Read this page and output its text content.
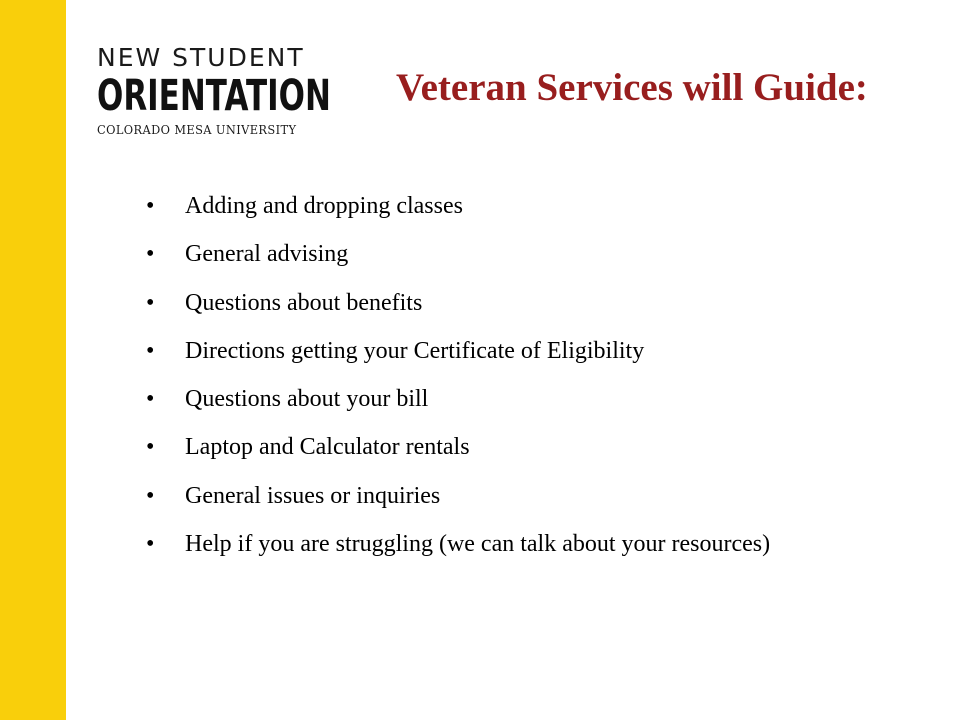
NEW STUDENT
ORIENTATION
COLORADO MESA UNIVERSITY
Veteran Services will Guide:
•	Adding and dropping classes
•	General advising
•	Questions about benefits
•	Directions getting your Certificate of Eligibility
•	Questions about your bill
•	Laptop and Calculator rentals
•	General issues or inquiries
•	Help if you are struggling (we can talk about your resources)
